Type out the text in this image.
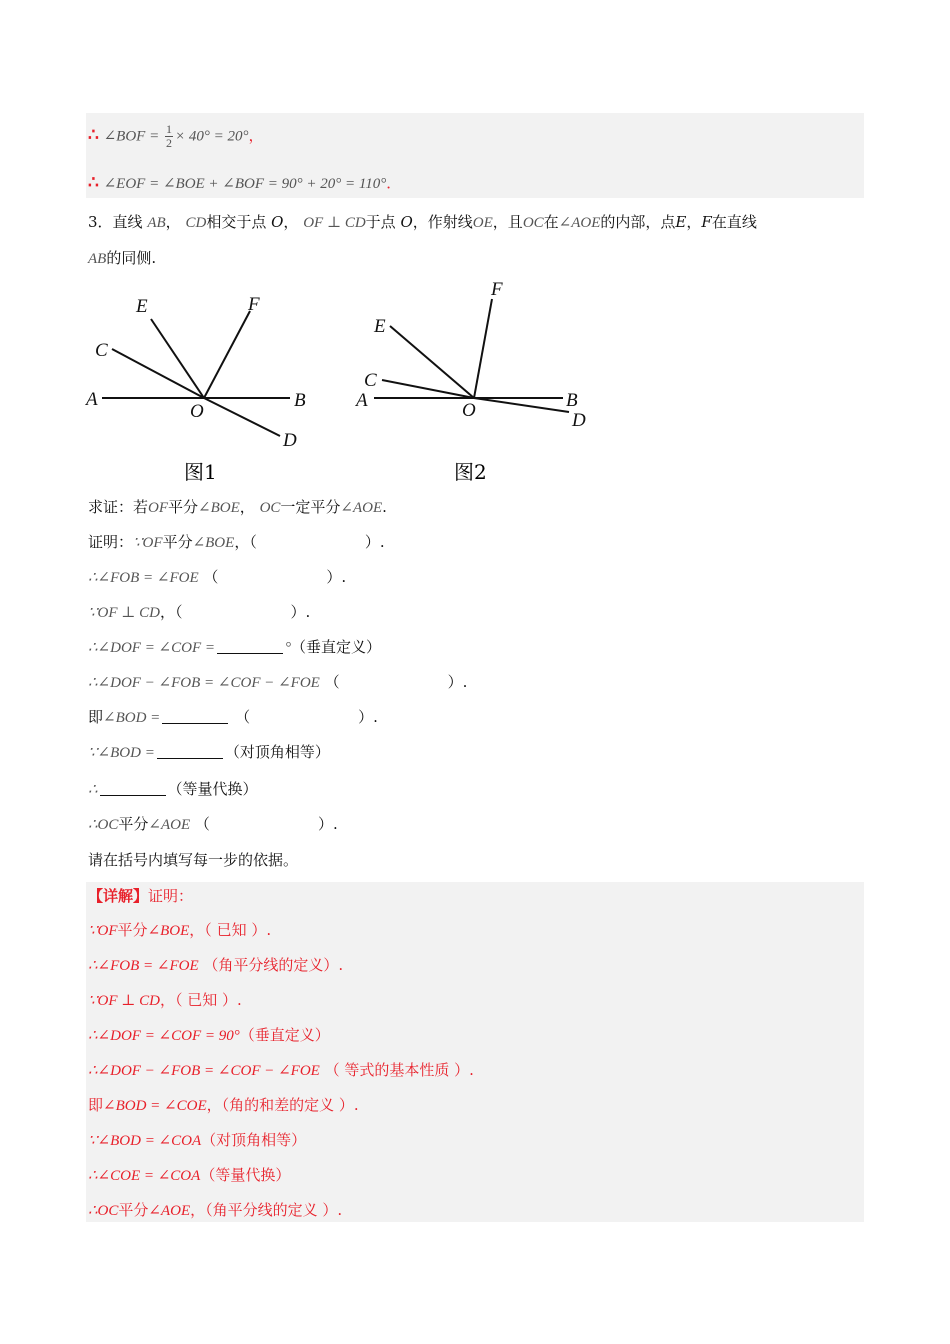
∴ ∠BOF = $\frac{1}{2} \times 40^\circ = 20^\circ$，
∴ ∠EOF = ∠BOE + ∠BOF = 90° + 20° = 110°．
3．直线 AB， CD相交于点 O， OF ⊥ CD于点 O，作射线OE，且OC在∠AOE的内部，点E，F在直线
AB的同侧.
A	B
C
D
E	F
O
图1
A	B
C
D
E
F
O
图2
求证：若OF平分∠BOE， OC一定平分∠AOE.
证明：∵OF平分∠BOE，（	）.
∴∠FOB = ∠FOE （	）.
∵OF ⊥ CD，（	）.
∴∠DOF = ∠COF =	°（垂直定义）
∴∠DOF − ∠FOB = ∠COF − ∠FOE （	）.
即∠BOD =	（	）.
∵∠BOD =	（对顶角相等）
∴	（等量代换）
∴OC平分∠AOE （	）.
请在括号内填写每一步的依据。
【详解】证明：
∵OF平分∠BOE，（ 已知 ）.
∴∠FOB = ∠FOE （角平分线的定义）.
∵OF ⊥ CD，（ 已知 ）.
∴∠DOF = ∠COF = 90°（垂直定义）
∴∠DOF − ∠FOB = ∠COF − ∠FOE （ 等式的基本性质 ）.
即∠BOD = ∠COE，（角的和差的定义 ）.
∵∠BOD = ∠COA（对顶角相等）
∴∠COE = ∠COA（等量代换）
∴OC平分∠AOE，（角平分线的定义 ）.
